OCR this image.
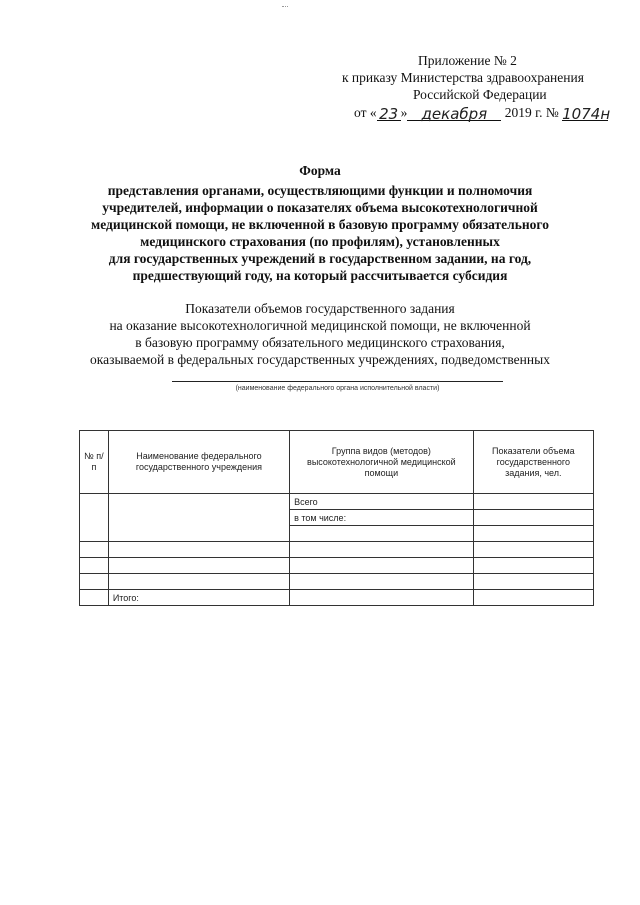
Приложение № 2
к приказу Министерства здравоохранения
Российской Федерации
от « 23 » декабря 2019 г. № 1074н
Форма
представления органами, осуществляющими функции и полномочия
учредителей, информации о показателях объема высокотехнологичной
медицинской помощи, не включенной в базовую программу обязательного
медицинского страхования (по профилям), установленных
для государственных учреждений в государственном задании, на год,
предшествующий году, на который рассчитывается субсидия
Показатели объемов государственного задания
на оказание высокотехнологичной медицинской помощи, не включенной
в базовую программу обязательного медицинского страхования,
оказываемой в федеральных государственных учреждениях, подведомственных
(наименование федерального органа исполнительной власти)
№ п/п	Наименование федерального государственного учреждения	Группа видов (методов) высокотехнологичной медицинской помощи	Показатели объема государственного задания, чел.
		Всего	
		в том числе:	

	Итого:		
